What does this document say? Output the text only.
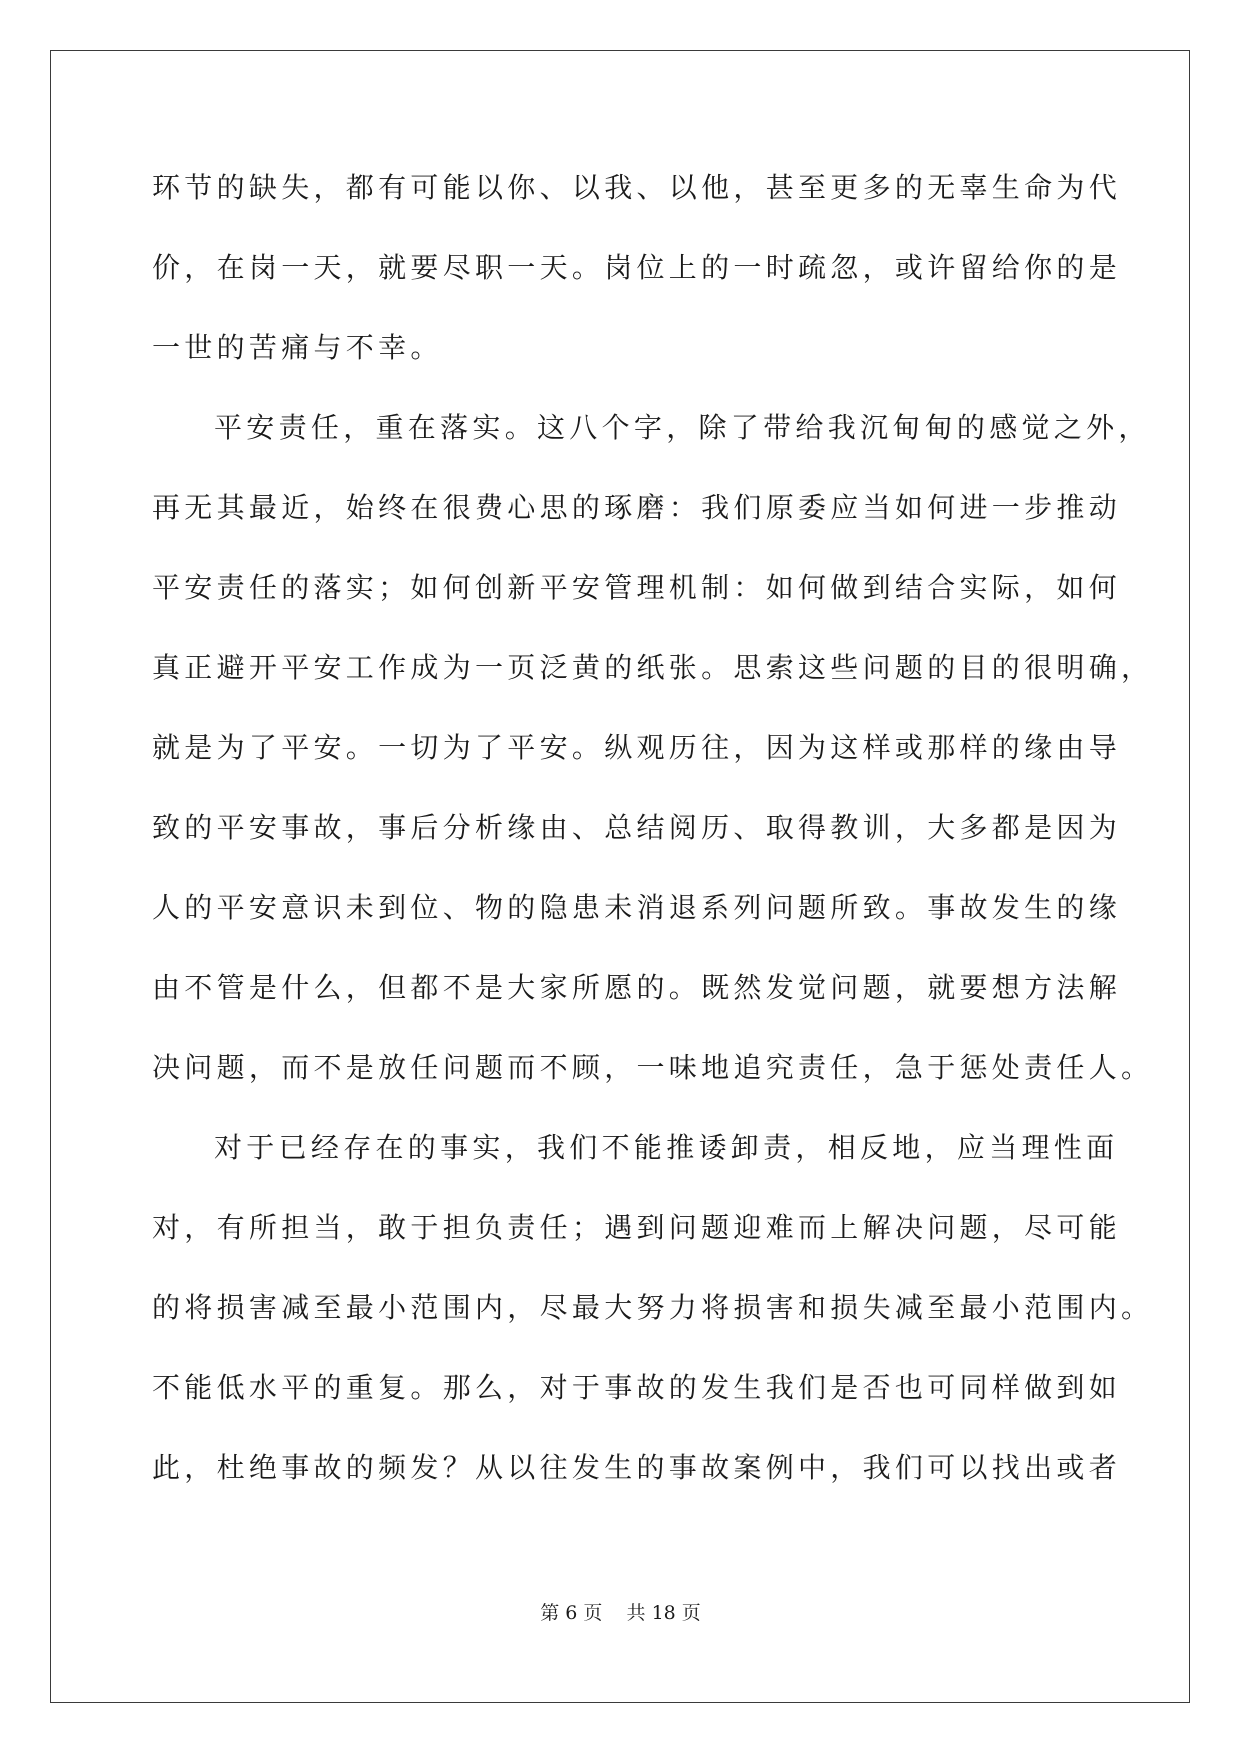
环节的缺失，都有可能以你、以我、以他，甚至更多的无辜生命为代
价，在岗一天，就要尽职一天。岗位上的一时疏忽，或许留给你的是
一世的苦痛与不幸。
平安责任，重在落实。这八个字，除了带给我沉甸甸的感觉之外，
再无其最近，始终在很费心思的琢磨：我们原委应当如何进一步推动
平安责任的落实；如何创新平安管理机制：如何做到结合实际，如何
真正避开平安工作成为一页泛黄的纸张。思索这些问题的目的很明确，
就是为了平安。一切为了平安。纵观历往，因为这样或那样的缘由导
致的平安事故，事后分析缘由、总结阅历、取得教训，大多都是因为
人的平安意识未到位、物的隐患未消退系列问题所致。事故发生的缘
由不管是什么，但都不是大家所愿的。既然发觉问题，就要想方法解
决问题，而不是放任问题而不顾，一味地追究责任，急于惩处责任人。
对于已经存在的事实，我们不能推诿卸责，相反地，应当理性面
对，有所担当，敢于担负责任；遇到问题迎难而上解决问题，尽可能
的将损害减至最小范围内，尽最大努力将损害和损失减至最小范围内。
不能低水平的重复。那么，对于事故的发生我们是否也可同样做到如
此，杜绝事故的频发？从以往发生的事故案例中，我们可以找出或者
第 6 页    共 18 页
